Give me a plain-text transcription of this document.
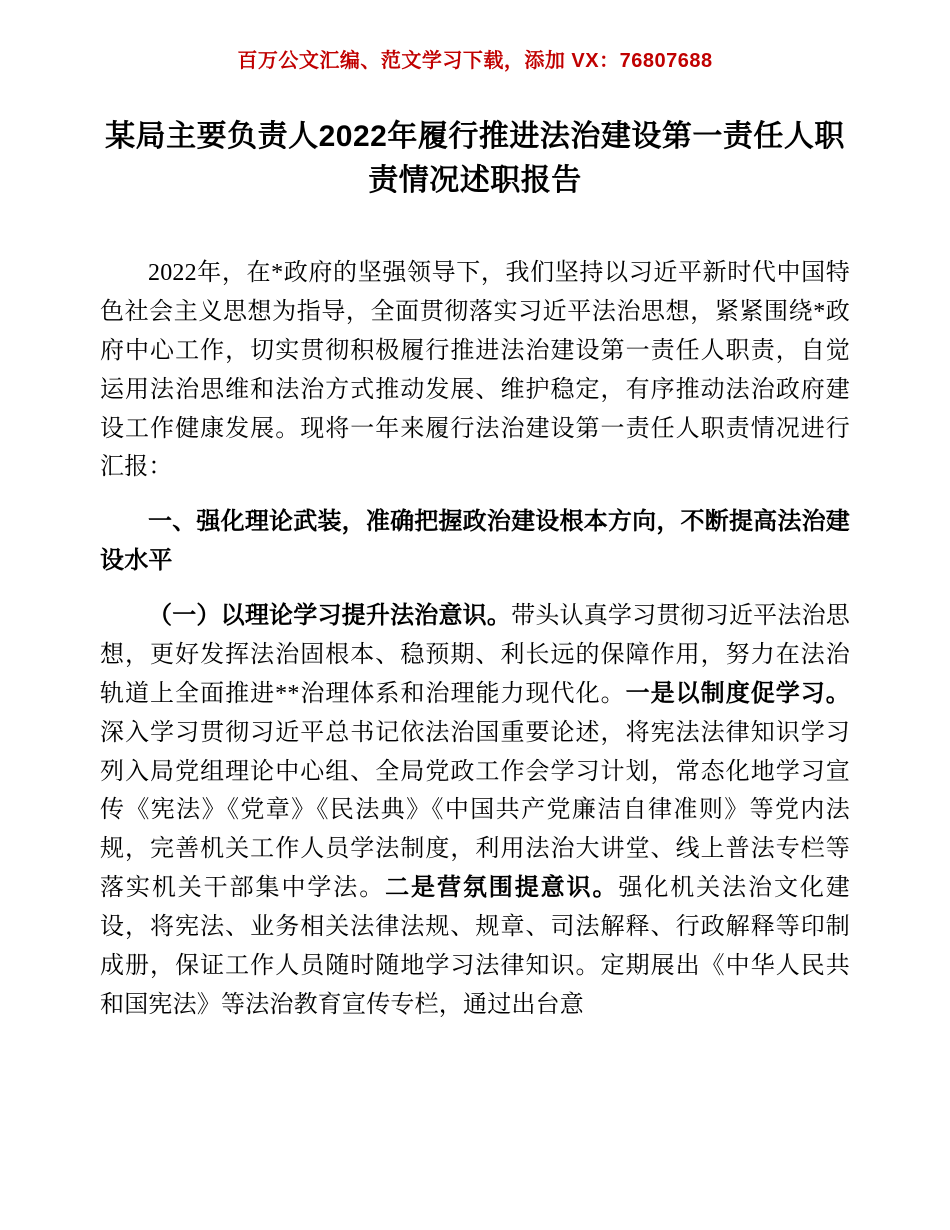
百万公文汇编、范文学习下载，添加 VX：76807688
某局主要负责人2022年履行推进法治建设第一责任人职责情况述职报告

2022年，在*政府的坚强领导下，我们坚持以习近平新时代中国特色社会主义思想为指导，全面贯彻落实习近平法治思想，紧紧围绕*政府中心工作，切实贯彻积极履行推进法治建设第一责任人职责，自觉运用法治思维和法治方式推动发展、维护稳定，有序推动法治政府建设工作健康发展。现将一年来履行法治建设第一责任人职责情况进行汇报：

一、强化理论武装，准确把握政治建设根本方向，不断提高法治建设水平

（一）以理论学习提升法治意识。带头认真学习贯彻习近平法治思想，更好发挥法治固根本、稳预期、利长远的保障作用，努力在法治轨道上全面推进**治理体系和治理能力现代化。一是以制度促学习。深入学习贯彻习近平总书记依法治国重要论述，将宪法法律知识学习列入局党组理论中心组、全局党政工作会学习计划，常态化地学习宣传《宪法》《党章》《民法典》《中国共产党廉洁自律准则》等党内法规，完善机关工作人员学法制度，利用法治大讲堂、线上普法专栏等落实机关干部集中学法。二是营氛围提意识。强化机关法治文化建设，将宪法、业务相关法律法规、规章、司法解释、行政解释等印制成册，保证工作人员随时随地学习法律知识。定期展出《中华人民共和国宪法》等法治教育宣传专栏，通过出台意
